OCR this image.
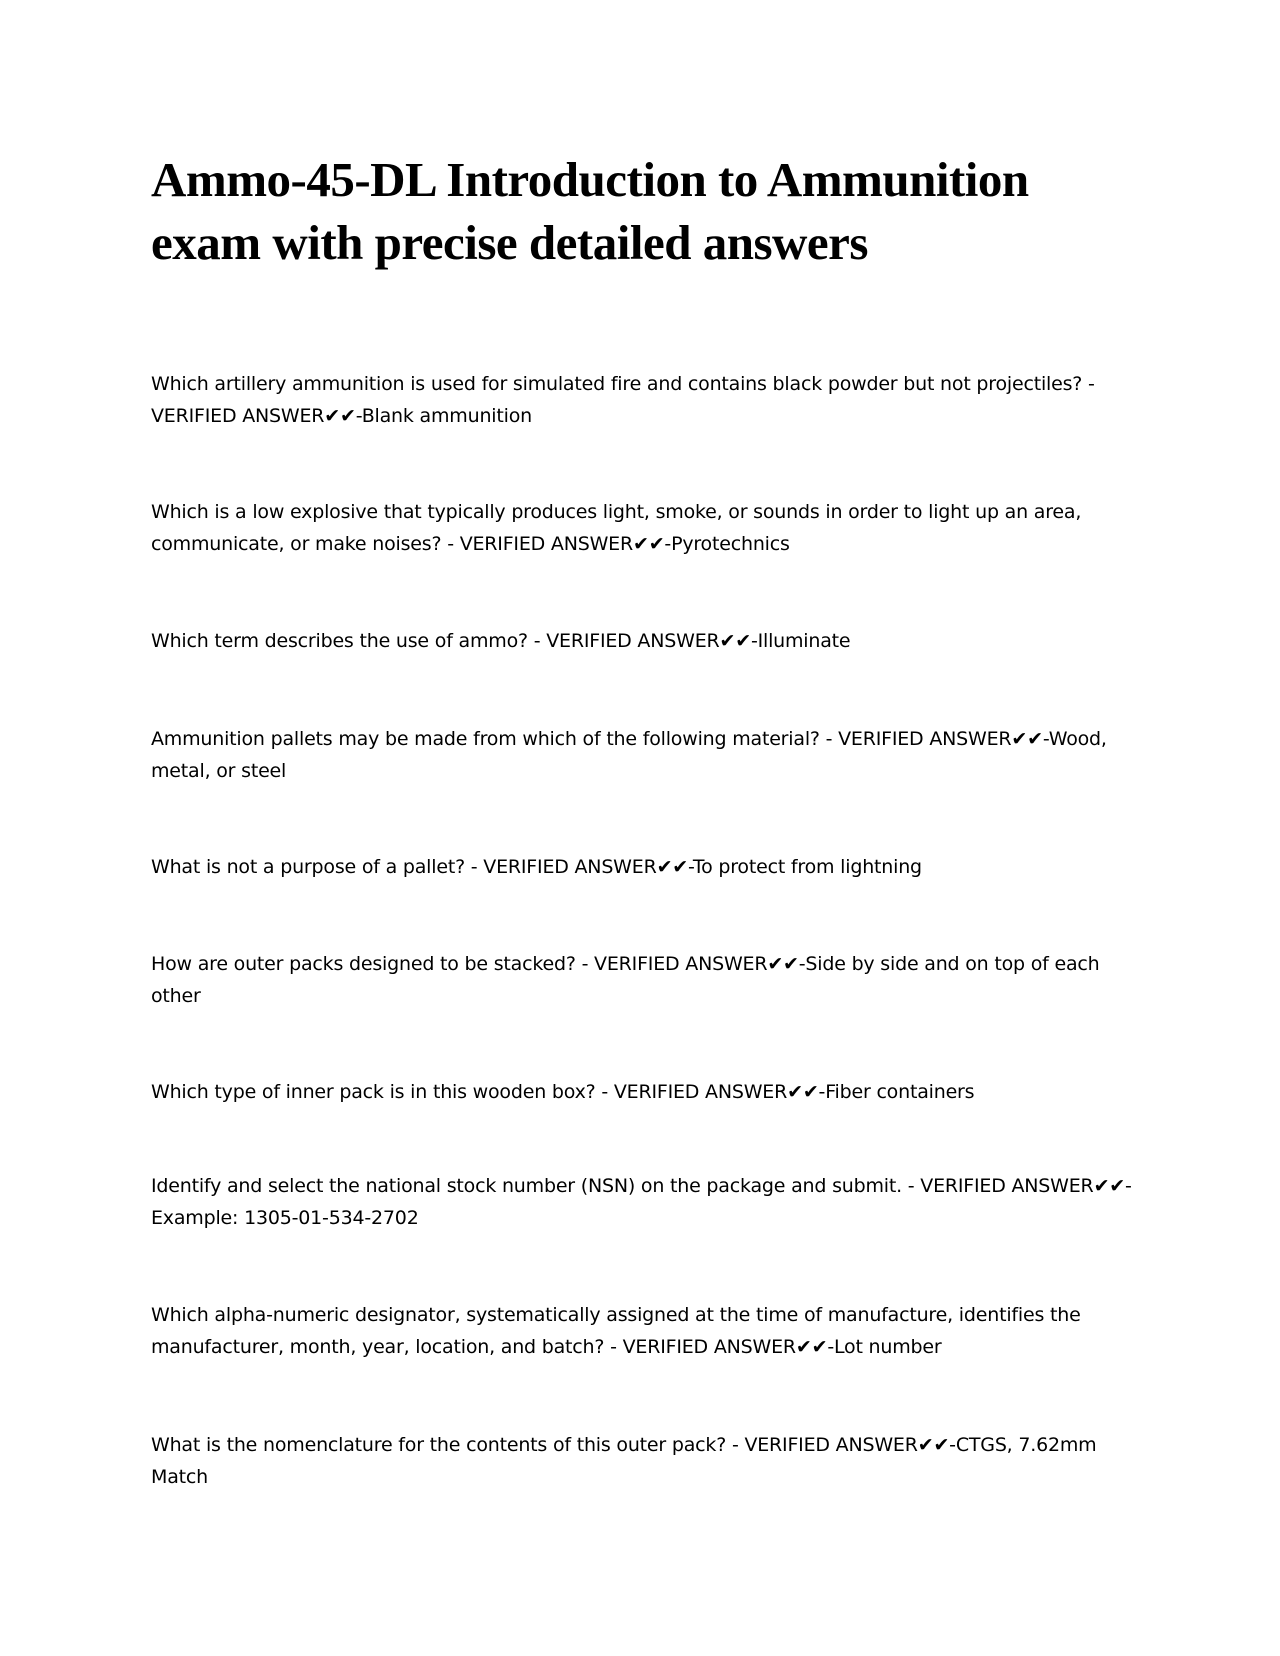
Ammo-45-DL Introduction to Ammunition
exam with precise detailed answers

Which artillery ammunition is used for simulated fire and contains black powder but not projectiles? - VERIFIED ANSWER✔✔-Blank ammunition

Which is a low explosive that typically produces light, smoke, or sounds in order to light up an area, communicate, or make noises? - VERIFIED ANSWER✔✔-Pyrotechnics

Which term describes the use of ammo? - VERIFIED ANSWER✔✔-Illuminate

Ammunition pallets may be made from which of the following material? - VERIFIED ANSWER✔✔-Wood, metal, or steel

What is not a purpose of a pallet? - VERIFIED ANSWER✔✔-To protect from lightning

How are outer packs designed to be stacked? - VERIFIED ANSWER✔✔-Side by side and on top of each other

Which type of inner pack is in this wooden box? - VERIFIED ANSWER✔✔-Fiber containers

Identify and select the national stock number (NSN) on the package and submit. - VERIFIED ANSWER✔✔-Example: 1305-01-534-2702

Which alpha-numeric designator, systematically assigned at the time of manufacture, identifies the manufacturer, month, year, location, and batch? - VERIFIED ANSWER✔✔-Lot number

What is the nomenclature for the contents of this outer pack? - VERIFIED ANSWER✔✔-CTGS, 7.62mm Match
